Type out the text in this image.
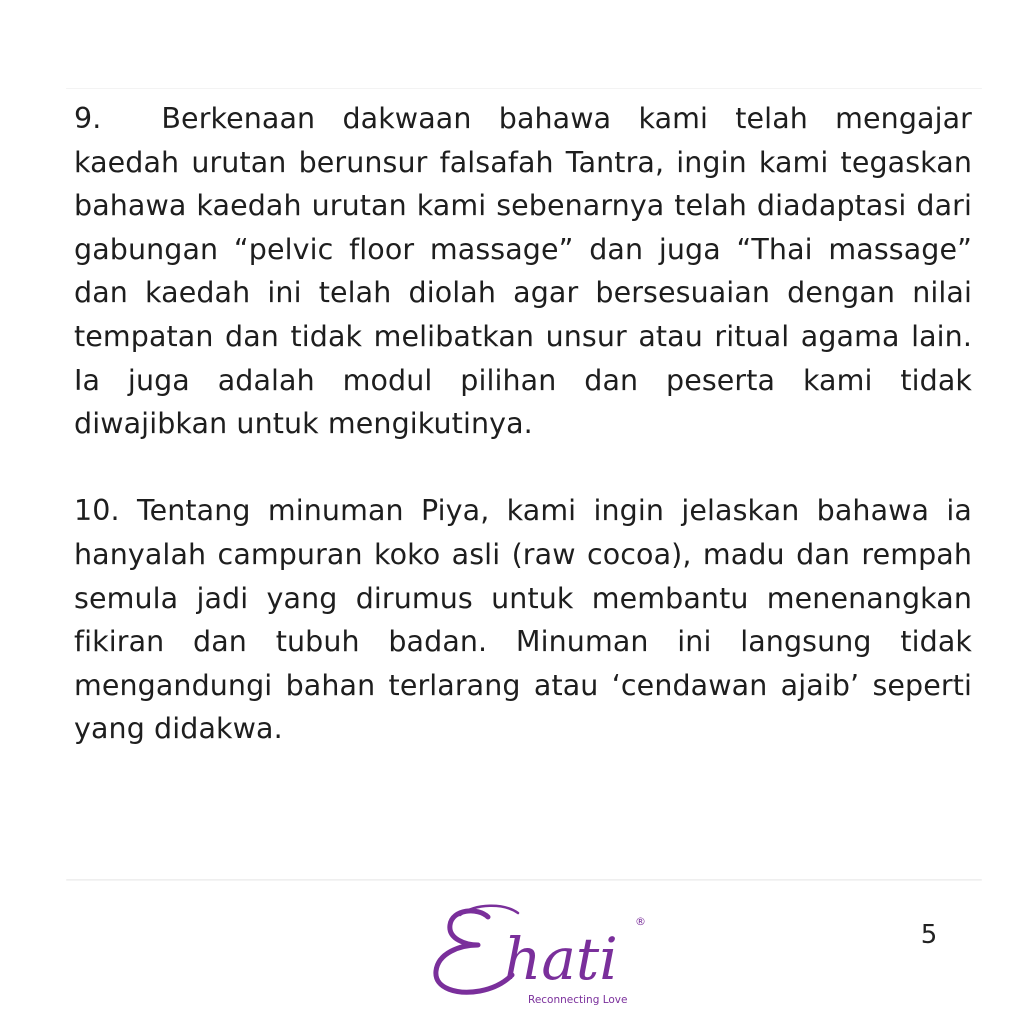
9. Berkenaan dakwaan bahawa kami telah mengajar kaedah urutan berunsur falsafah Tantra, ingin kami tegaskan bahawa kaedah urutan kami sebenarnya telah diadaptasi dari gabungan “pelvic floor massage” dan juga “Thai massage” dan kaedah ini telah diolah agar bersesuaian dengan nilai tempatan dan tidak melibatkan unsur atau ritual agama lain. Ia juga adalah modul pilihan dan peserta kami tidak diwajibkan untuk mengikutinya.

10. Tentang minuman Piya, kami ingin jelaskan bahawa ia hanyalah campuran koko asli (raw cocoa), madu dan rempah semula jadi yang dirumus untuk membantu menenangkan fikiran dan tubuh badan. Minuman ini langsung tidak mengandungi bahan terlarang atau ‘cendawan ajaib’ seperti yang didakwa.

hati
®
Reconnecting Love
5
